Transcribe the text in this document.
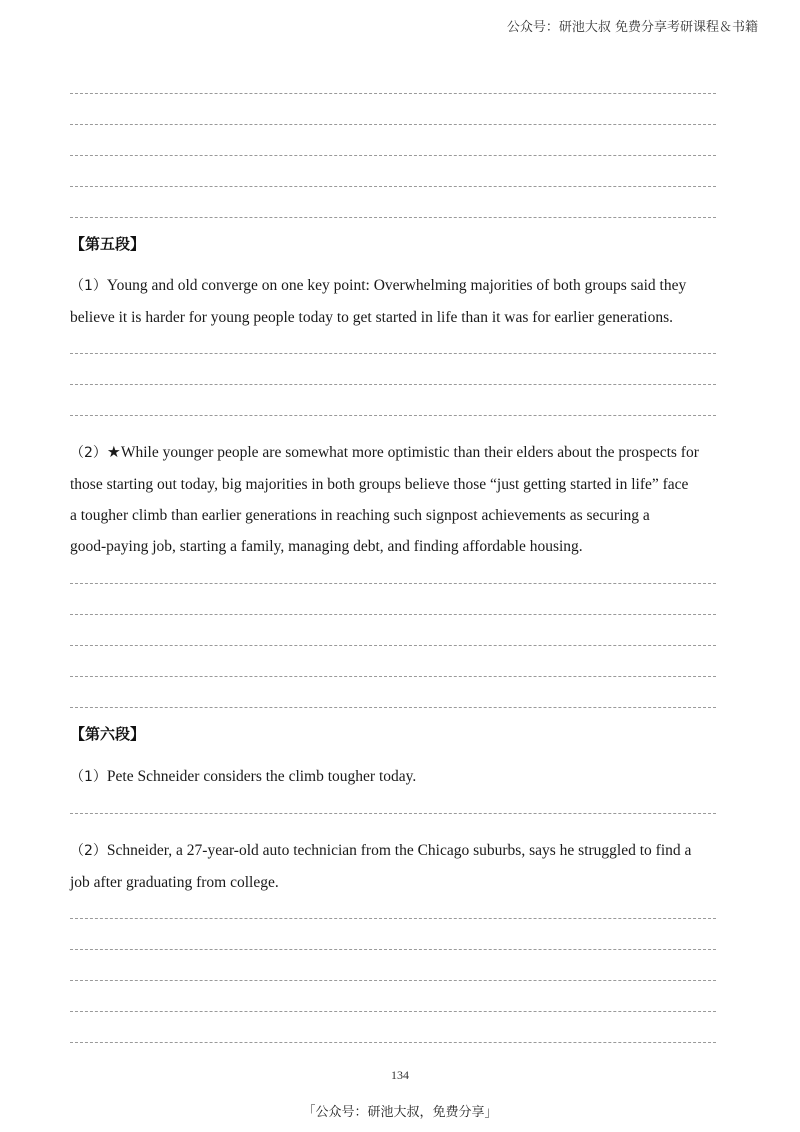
公众号：研池大叔 免费分享考研课程＆书籍
【第五段】
（1）Young and old converge on one key point: Overwhelming majorities of both groups said they
believe it is harder for young people today to get started in life than it was for earlier generations.
（2）★While younger people are somewhat more optimistic than their elders about the prospects for
those starting out today, big majorities in both groups believe those “just getting started in life” face
a tougher climb than earlier generations in reaching such signpost achievements as securing a
good-paying job, starting a family, managing debt, and finding affordable housing.
【第六段】
（1）Pete Schneider considers the climb tougher today.
（2）Schneider, a 27-year-old auto technician from the Chicago suburbs, says he struggled to find a
job after graduating from college.
134
「公众号：研池大叔，免费分享」
